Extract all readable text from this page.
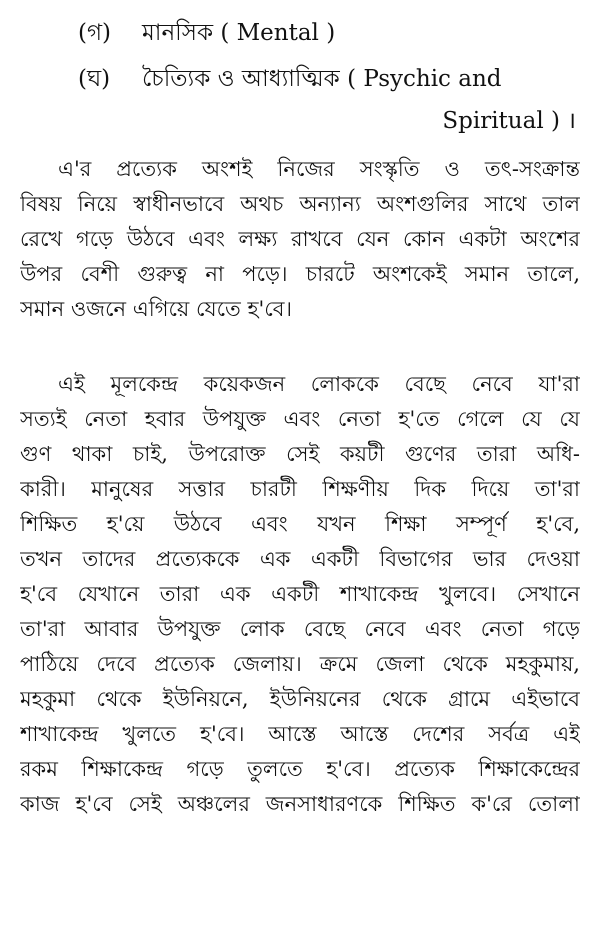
(গ) মানসিক ( Mental )
(ঘ) চৈত্যিক ও আধ্যাত্মিক ( Psychic and
Spiritual ) ।
এ'র প্রত্যেক অংশই নিজের সংস্কৃতি ও তৎ-সংক্রান্ত
বিষয় নিয়ে স্বাধীনভাবে অথচ অন্যান্য অংশগুলির সাথে তাল
রেখে গড়ে উঠবে এবং লক্ষ্য রাখবে যেন কোন একটা অংশের
উপর বেশী গুরুত্ব না পড়ে। চারটে অংশকেই সমান তালে,
সমান ওজনে এগিয়ে যেতে হ'বে।
এই মূলকেন্দ্র কয়েকজন লোককে বেছে নেবে যা'রা
সত্যই নেতা হবার উপযুক্ত এবং নেতা হ'তে গেলে যে যে
গুণ থাকা চাই, উপরোক্ত সেই কয়টী গুণের তারা অধি-
কারী। মানুষের সত্তার চারটী শিক্ষণীয় দিক দিয়ে তা'রা
শিক্ষিত হ'য়ে উঠবে এবং যখন শিক্ষা সম্পূর্ণ হ'বে,
তখন তাদের প্রত্যেককে এক একটী বিভাগের ভার দেওয়া
হ'বে যেখানে তারা এক একটী শাখাকেন্দ্র খুলবে। সেখানে
তা'রা আবার উপযুক্ত লোক বেছে নেবে এবং নেতা গড়ে
পাঠিয়ে দেবে প্রত্যেক জেলায়। ক্রমে জেলা থেকে মহকুমায়,
মহকুমা থেকে ইউনিয়নে, ইউনিয়নের থেকে গ্রামে এইভাবে
শাখাকেন্দ্র খুলতে হ'বে। আস্তে আস্তে দেশের সর্বত্র এই
রকম শিক্ষাকেন্দ্র গড়ে তুলতে হ'বে। প্রত্যেক শিক্ষাকেন্দ্রের
কাজ হ'বে সেই অঞ্চলের জনসাধারণকে শিক্ষিত ক'রে তোলা
